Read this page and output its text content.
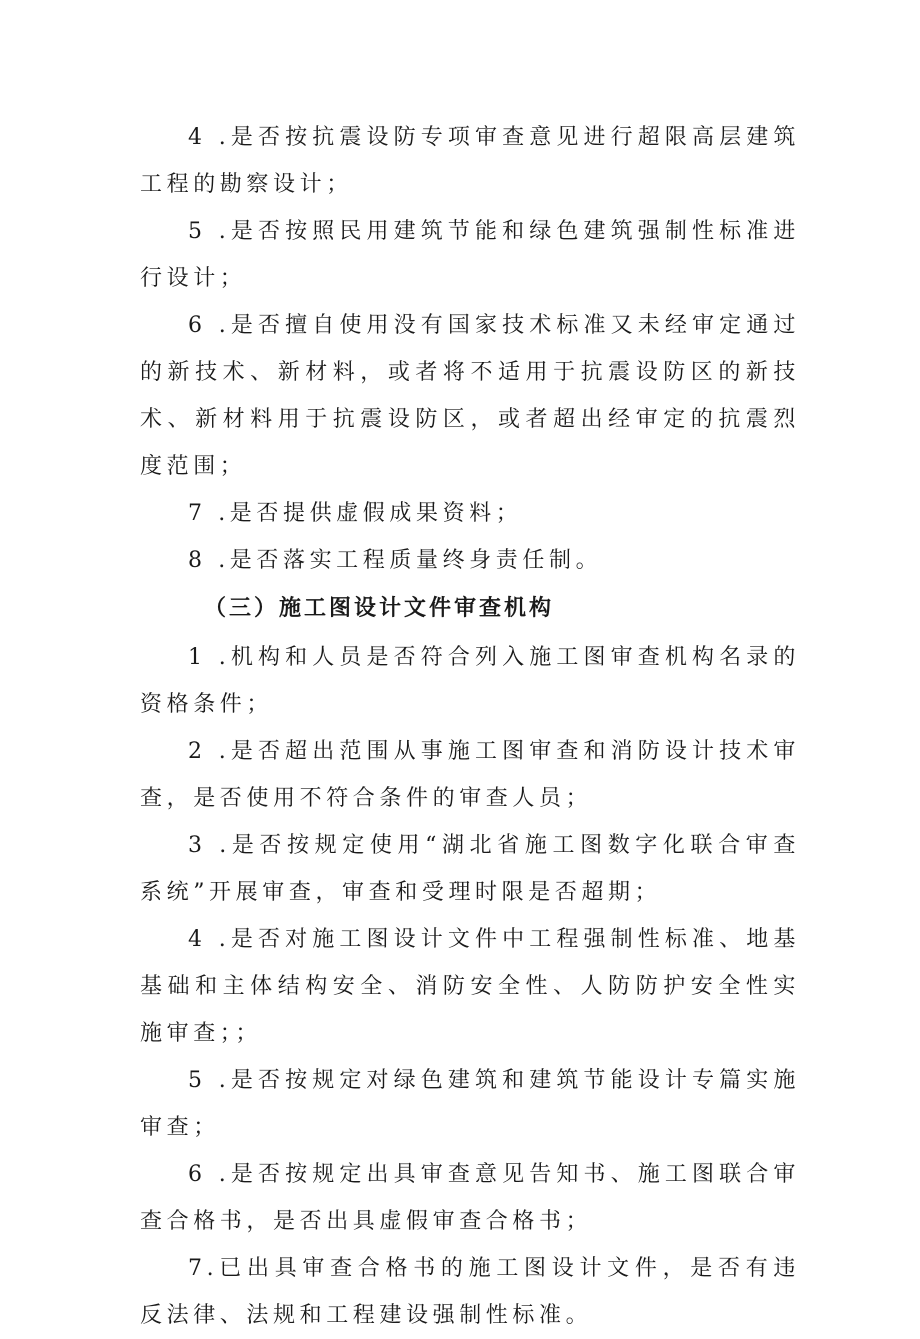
4 .是否按抗震设防专项审查意见进行超限高层建筑工程的勘察设计；

5 .是否按照民用建筑节能和绿色建筑强制性标准进行设计；

6 .是否擅自使用没有国家技术标准又未经审定通过的新技术、新材料，或者将不适用于抗震设防区的新技术、新材料用于抗震设防区，或者超出经审定的抗震烈度范围；

7 .是否提供虚假成果资料；

8 .是否落实工程质量终身责任制。

（三）施工图设计文件审查机构

1 .机构和人员是否符合列入施工图审查机构名录的资格条件；

2 .是否超出范围从事施工图审查和消防设计技术审查，是否使用不符合条件的审查人员；

3 .是否按规定使用“湖北省施工图数字化联合审查系统”开展审查，审查和受理时限是否超期；

4 .是否对施工图设计文件中工程强制性标准、地基基础和主体结构安全、消防安全性、人防防护安全性实施审查；；

5 .是否按规定对绿色建筑和建筑节能设计专篇实施审查；

6 .是否按规定出具审查意见告知书、施工图联合审查合格书，是否出具虚假审查合格书；

7.已出具审查合格书的施工图设计文件，是否有违反法律、法规和工程建设强制性标准。
